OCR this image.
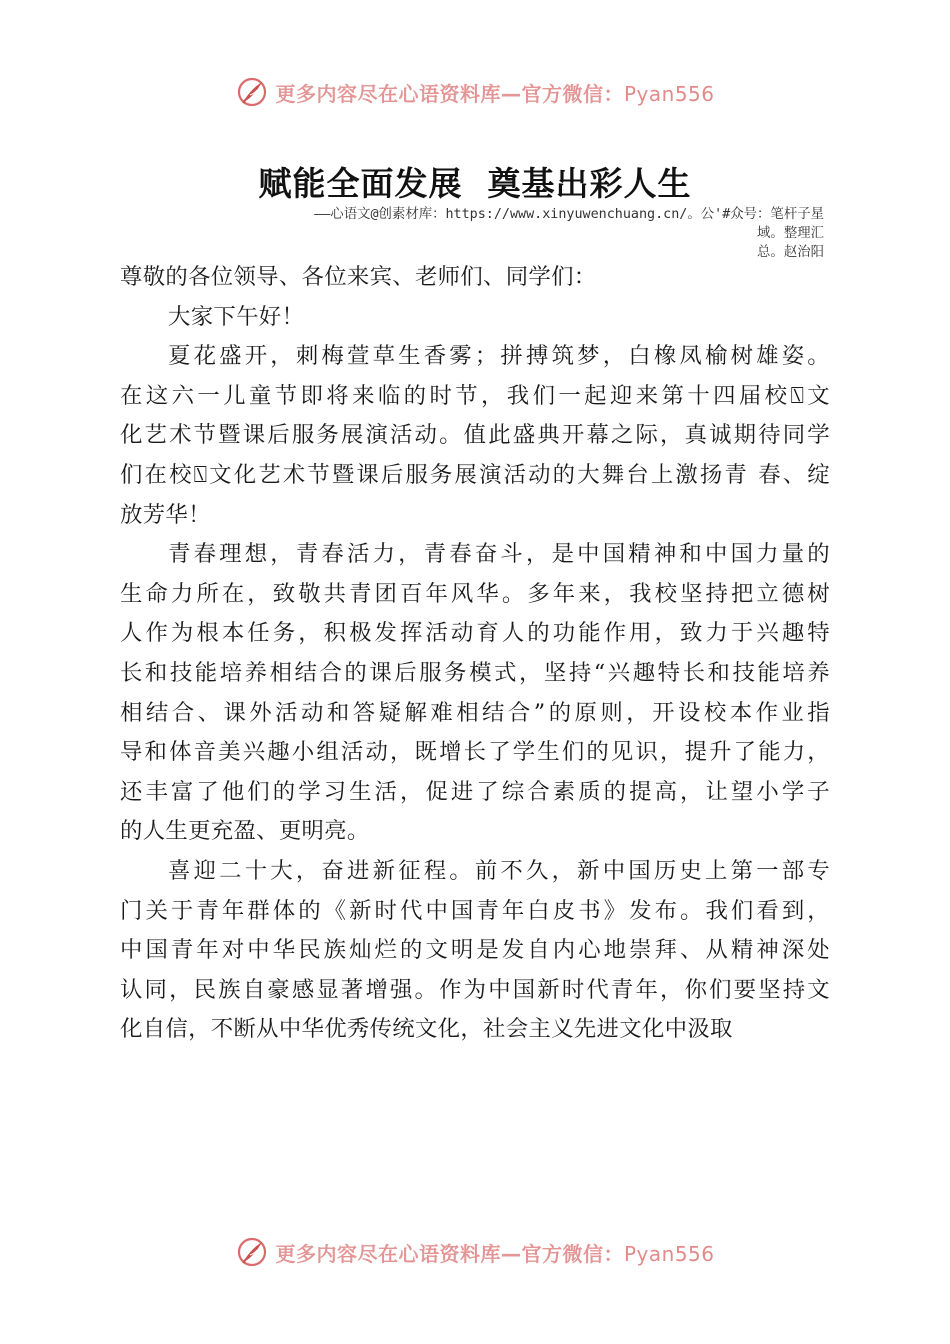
更多内容尽在心语资料库—官方微信：Pyan556
赋能全面发展  奠基出彩人生
——心语文@创素材库：https://www.xinyuwenchuang.cn/。公'#众号：笔杆子星域。整理汇
总。赵治阳
尊敬的各位领导、各位来宾、老师们、同学们：
大家下午好！
夏花盛开，刺梅萱草生香雾；拼搏筑梦，白橡凤榆树雄姿。
在这六一儿童节即将来临的时节，我们一起迎来第十四届校⍂文
化艺术节暨课后服务展演活动。值此盛典开幕之际，真诚期待同学
们在校⍂文化艺术节暨课后服务展演活动的大舞台上激扬青 春、绽
放芳华！
青春理想，青春活力，青春奋斗，是中国精神和中国力量的
生命力所在，致敬共青团百年风华。多年来，我校坚持把立德树
人作为根本任务，积极发挥活动育人的功能作用，致力于兴趣特
长和技能培养相结合的课后服务模式，坚持“兴趣特长和技能培养
相结合、课外活动和答疑解难相结合”的原则，开设校本作业指
导和体音美兴趣小组活动，既增长了学生们的见识，提升了能力，
还丰富了他们的学习生活，促进了综合素质的提高，让望小学子
的人生更充盈、更明亮。
喜迎二十大，奋进新征程。前不久，新中国历史上第一部专
门关于青年群体的《新时代中国青年白皮书》发布。我们看到，
中国青年对中华民族灿烂的文明是发自内心地崇拜、从精神深处
认同，民族自豪感显著增强。作为中国新时代青年，你们要坚持文
化自信，不断从中华优秀传统文化，社会主义先进文化中汲取
更多内容尽在心语资料库—官方微信：Pyan556
